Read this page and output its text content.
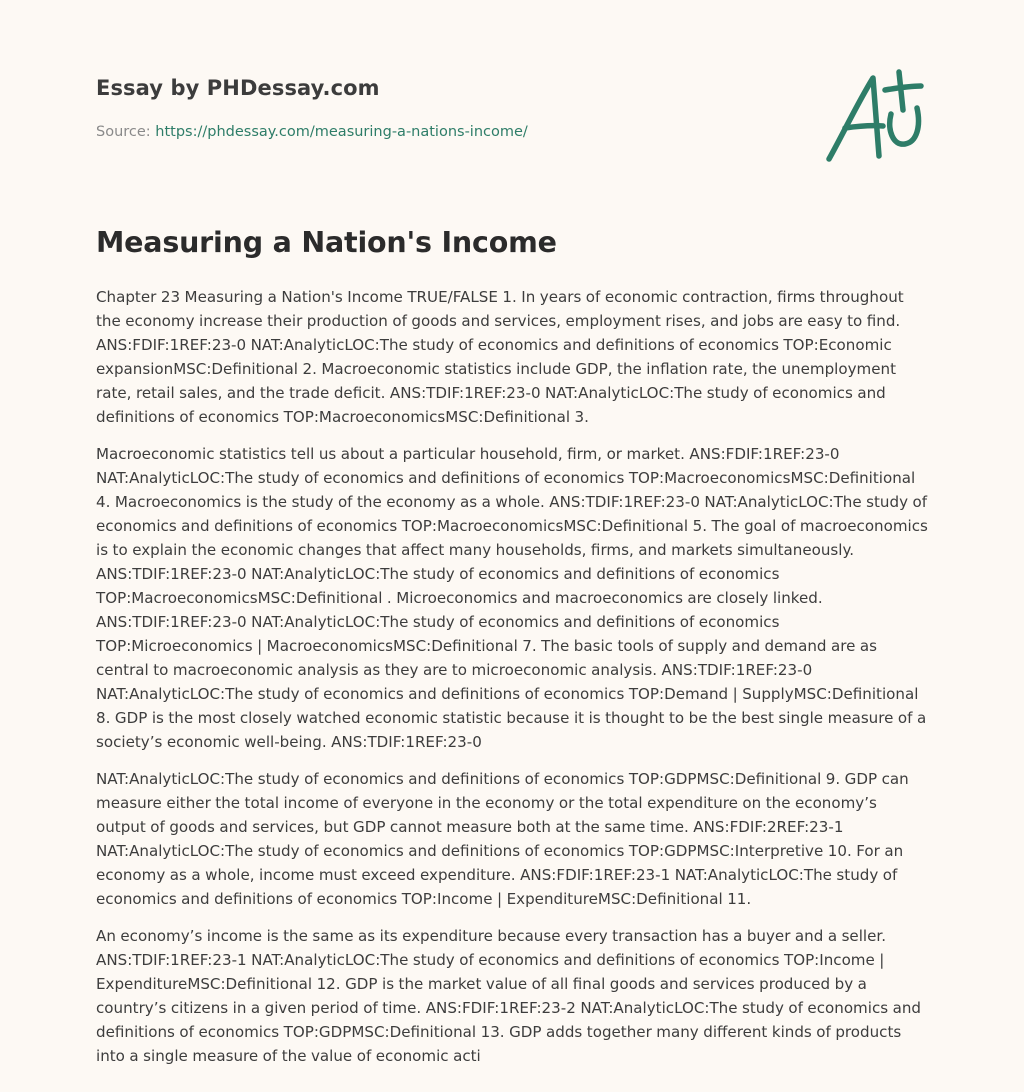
Essay by PHDessay.com
Source: https://phdessay.com/measuring-a-nations-income/
Measuring a Nation's Income

Chapter 23 Measuring a Nation's Income TRUE/FALSE 1. In years of economic contraction, firms throughout the economy increase their production of goods and services, employment rises, and jobs are easy to find. ANS:FDIF:1REF:23-0 NAT:AnalyticLOC:The study of economics and definitions of economics TOP:Economic expansionMSC:Definitional 2. Macroeconomic statistics include GDP, the inflation rate, the unemployment rate, retail sales, and the trade deficit. ANS:TDIF:1REF:23-0 NAT:AnalyticLOC:The study of economics and definitions of economics TOP:MacroeconomicsMSC:Definitional 3.

Macroeconomic statistics tell us about a particular household, firm, or market. ANS:FDIF:1REF:23-0 NAT:AnalyticLOC:The study of economics and definitions of economics TOP:MacroeconomicsMSC:Definitional 4. Macroeconomics is the study of the economy as a whole. ANS:TDIF:1REF:23-0 NAT:AnalyticLOC:The study of economics and definitions of economics TOP:MacroeconomicsMSC:Definitional 5. The goal of macroeconomics is to explain the economic changes that affect many households, firms, and markets simultaneously. ANS:TDIF:1REF:23-0 NAT:AnalyticLOC:The study of economics and definitions of economics TOP:MacroeconomicsMSC:Definitional . Microeconomics and macroeconomics are closely linked. ANS:TDIF:1REF:23-0 NAT:AnalyticLOC:The study of economics and definitions of economics TOP:Microeconomics | MacroeconomicsMSC:Definitional 7. The basic tools of supply and demand are as central to macroeconomic analysis as they are to microeconomic analysis. ANS:TDIF:1REF:23-0 NAT:AnalyticLOC:The study of economics and definitions of economics TOP:Demand | SupplyMSC:Definitional 8. GDP is the most closely watched economic statistic because it is thought to be the best single measure of a society’s economic well-being. ANS:TDIF:1REF:23-0

NAT:AnalyticLOC:The study of economics and definitions of economics TOP:GDPMSC:Definitional 9. GDP can measure either the total income of everyone in the economy or the total expenditure on the economy’s output of goods and services, but GDP cannot measure both at the same time. ANS:FDIF:2REF:23-1 NAT:AnalyticLOC:The study of economics and definitions of economics TOP:GDPMSC:Interpretive 10. For an economy as a whole, income must exceed expenditure. ANS:FDIF:1REF:23-1 NAT:AnalyticLOC:The study of economics and definitions of economics TOP:Income | ExpenditureMSC:Definitional 11.

An economy’s income is the same as its expenditure because every transaction has a buyer and a seller. ANS:TDIF:1REF:23-1 NAT:AnalyticLOC:The study of economics and definitions of economics TOP:Income | ExpenditureMSC:Definitional 12. GDP is the market value of all final goods and services produced by a country’s citizens in a given period of time. ANS:FDIF:1REF:23-2 NAT:AnalyticLOC:The study of economics and definitions of economics TOP:GDPMSC:Definitional 13. GDP adds together many different kinds of products into a single measure of the value of economic acti
